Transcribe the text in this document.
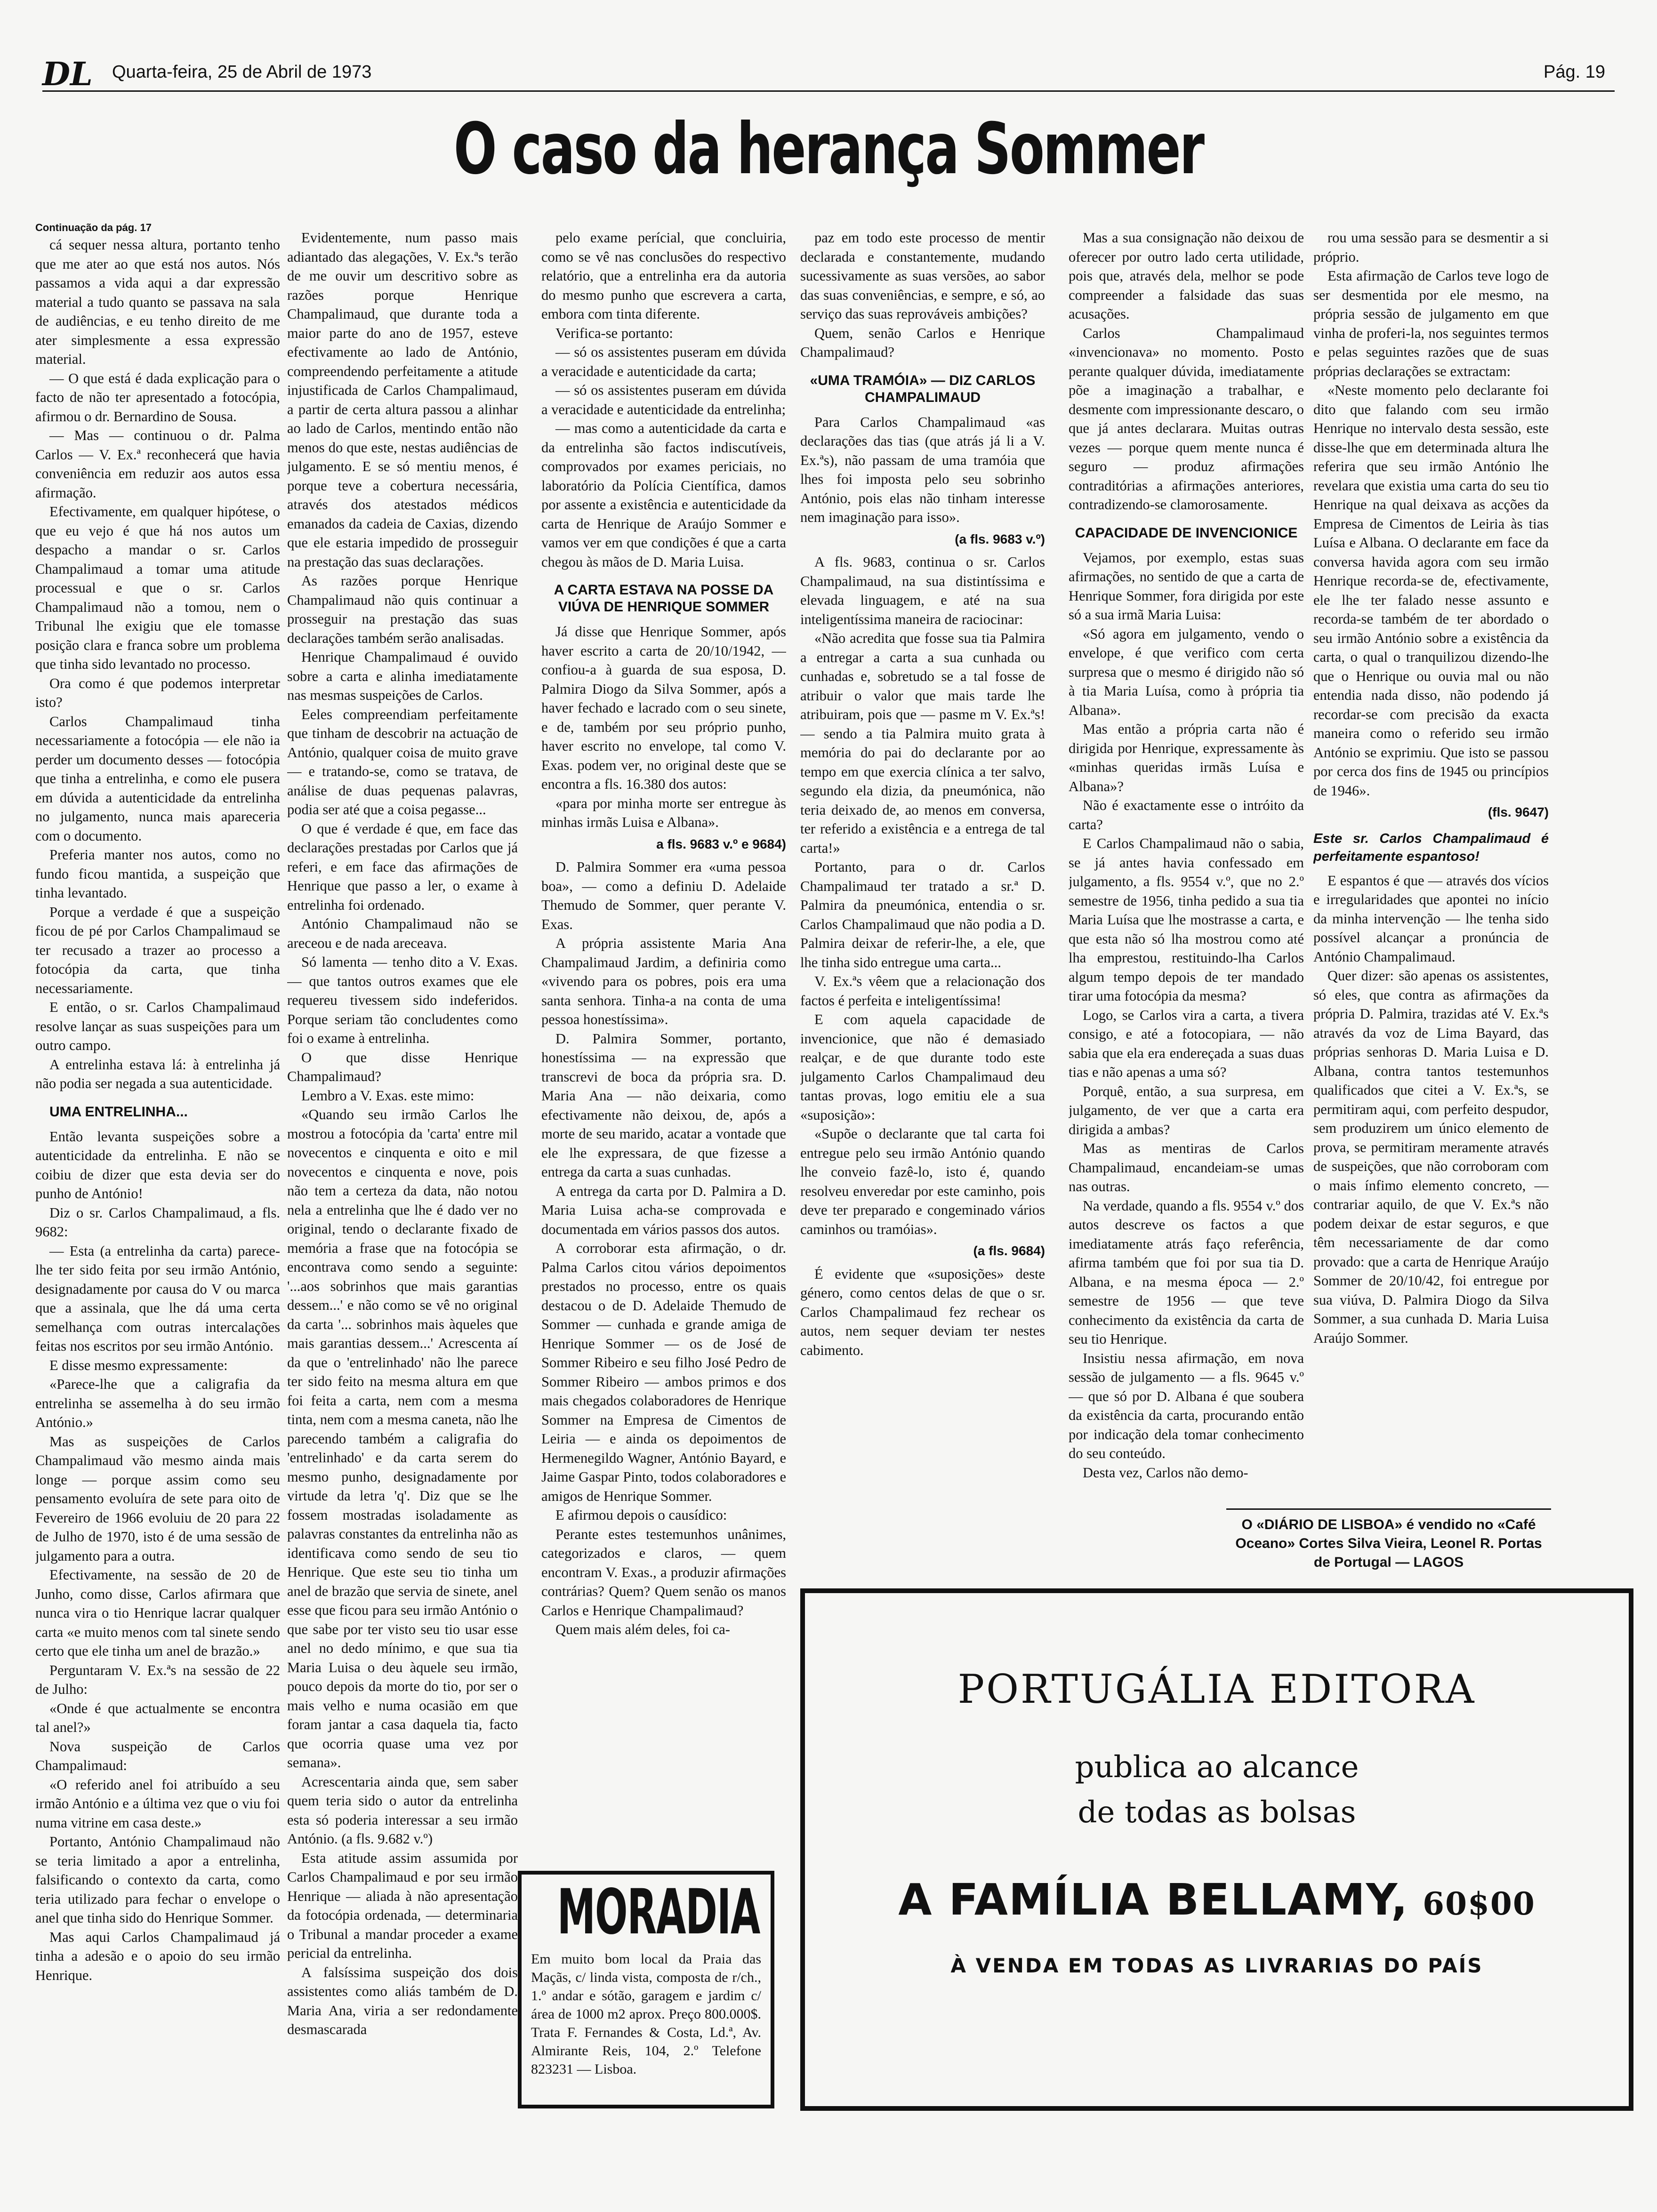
DL Quarta-feira, 25 de Abril de 1973	Pág. 19
O caso da herança Sommer
Continuação da pág. 17

cá sequer nessa altura, portanto tenho que me ater ao que está nos autos. Nós passamos a vida aqui a dar expressão material a tudo quanto se passava na sala de audiências, e eu tenho direito de me ater simplesmente a essa expressão material.

— O que está é dada explicação para o facto de não ter apresentado a fotocópia, afirmou o dr. Bernardino de Sousa.

— Mas — continuou o dr. Palma Carlos — V. Ex.ª reconhecerá que havia conveniência em reduzir aos autos essa afirmação.

Efectivamente, em qualquer hipótese, o que eu vejo é que há nos autos um despacho a mandar o sr. Carlos Champalimaud a tomar uma atitude processual e que o sr. Carlos Champalimaud não a tomou, nem o Tribunal lhe exigiu que ele tomasse posição clara e franca sobre um problema que tinha sido levantado no processo.

Ora como é que podemos interpretar isto?

Carlos Champalimaud tinha necessariamente a fotocópia — ele não ia perder um documento desses — fotocópia que tinha a entrelinha, e como ele pusera em dúvida a autenticidade da entrelinha no julgamento, nunca mais apareceria com o documento.

Preferia manter nos autos, como no fundo ficou mantida, a suspeição que tinha levantado.

Porque a verdade é que a suspeição ficou de pé por Carlos Champalimaud se ter recusado a trazer ao processo a fotocópia da carta, que tinha necessariamente.

E então, o sr. Carlos Champalimaud resolve lançar as suas suspeições para um outro campo.

A entrelinha estava lá: à entrelinha já não podia ser negada a sua autenticidade.

UMA ENTRELINHA...

Então levanta suspeições sobre a autenticidade da entrelinha. E não se coibiu de dizer que esta devia ser do punho de António!

Diz o sr. Carlos Champalimaud, a fls. 9682:

— Esta (a entrelinha da carta) parece-lhe ter sido feita por seu irmão António, designadamente por causa do V ou marca que a assinala, que lhe dá uma certa semelhança com outras intercalações feitas nos escritos por seu irmão António.

E disse mesmo expressamente:

«Parece-lhe que a caligrafia da entrelinha se assemelha à do seu irmão António.»

Mas as suspeições de Carlos Champalimaud vão mesmo ainda mais longe — porque assim como seu pensamento evoluíra de sete para oito de Fevereiro de 1966 evoluiu de 20 para 22 de Julho de 1970, isto é de uma sessão de julgamento para a outra.

Efectivamente, na sessão de 20 de Junho, como disse, Carlos afirmara que nunca vira o tio Henrique lacrar qualquer carta «e muito menos com tal sinete sendo certo que ele tinha um anel de brazão.»

Perguntaram V. Ex.ªs na sessão de 22 de Julho:

«Onde é que actualmente se encontra tal anel?»

Nova suspeição de Carlos Champalimaud:

«O referido anel foi atribuído a seu irmão António e a última vez que o viu foi numa vitrine em casa deste.»

Portanto, António Champalimaud não se teria limitado a apor a entrelinha, falsificando o contexto da carta, como teria utilizado para fechar o envelope o anel que tinha sido do Henrique Sommer.

Mas aqui Carlos Champalimaud já tinha a adesão e o apoio do seu irmão Henrique.

Evidentemente, num passo mais adiantado das alegações, V. Ex.ªs terão de me ouvir um descritivo sobre as razões porque Henrique Champalimaud, que durante toda a maior parte do ano de 1957, esteve efectivamente ao lado de António, compreendendo perfeitamente a atitude injustificada de Carlos Champalimaud, a partir de certa altura passou a alinhar ao lado de Carlos, mentindo então não menos do que este, nestas audiências de julgamento. E se só mentiu menos, é porque teve a cobertura necessária, através dos atestados médicos emanados da cadeia de Caxias, dizendo que ele estaria impedido de prosseguir na prestação das suas declarações.

As razões porque Henrique Champalimaud não quis continuar a prosseguir na prestação das suas declarações também serão analisadas.

Henrique Champalimaud é ouvido sobre a carta e alinha imediatamente nas mesmas suspeições de Carlos.

Eeles compreendiam perfeitamente que tinham de descobrir na actuação de António, qualquer coisa de muito grave — e tratando-se, como se tratava, de análise de duas pequenas palavras, podia ser até que a coisa pegasse...

O que é verdade é que, em face das declarações prestadas por Carlos que já referi, e em face das afirmações de Henrique que passo a ler, o exame à entrelinha foi ordenado.

António Champalimaud não se areceou e de nada areceava.

Só lamenta — tenho dito a V. Exas. — que tantos outros exames que ele requereu tivessem sido indeferidos. Porque seriam tão concludentes como foi o exame à entrelinha.

O que disse Henrique Champalimaud?

Lembro a V. Exas. este mimo:

«Quando seu irmão Carlos lhe mostrou a fotocópia da 'carta' entre mil novecentos e cinquenta e oito e mil novecentos e cinquenta e nove, pois não tem a certeza da data, não notou nela a entrelinha que lhe é dado ver no original, tendo o declarante fixado de memória a frase que na fotocópia se encontrava como sendo a seguinte: '...aos sobrinhos que mais garantias dessem...' e não como se vê no original da carta '... sobrinhos mais àqueles que mais garantias dessem...' Acrescenta aí da que o 'entrelinhado' não lhe parece ter sido feito na mesma altura em que foi feita a carta, nem com a mesma tinta, nem com a mesma caneta, não lhe parecendo também a caligrafia do 'entrelinhado' e da carta serem do mesmo punho, designadamente por virtude da letra 'q'. Diz que se lhe fossem mostradas isoladamente as palavras constantes da entrelinha não as identificava como sendo de seu tio Henrique. Que este seu tio tinha um anel de brazão que servia de sinete, anel esse que ficou para seu irmão António o que sabe por ter visto seu tio usar esse anel no dedo mínimo, e que sua tia Maria Luisa o deu àquele seu irmão, pouco depois da morte do tio, por ser o mais velho e numa ocasião em que foram jantar a casa daquela tia, facto que ocorria quase uma vez por semana».

Acrescentaria ainda que, sem saber quem teria sido o autor da entrelinha esta só poderia interessar a seu irmão António. (a fls. 9.682 v.º)

Esta atitude assim assumida por Carlos Champalimaud e por seu irmão Henrique — aliada à não apresentação da fotocópia ordenada, — determinaria o Tribunal a mandar proceder a exame pericial da entrelinha.

A falsíssima suspeição dos dois assistentes como aliás também de D. Maria Ana, viria a ser redondamente desmascarada

pelo exame perícial, que concluiria, como se vê nas conclusões do respectivo relatório, que a entrelinha era da autoria do mesmo punho que escrevera a carta, embora com tinta diferente.

Verifica-se portanto:

— só os assistentes puseram em dúvida a veracidade e autenticidade da carta;

— só os assistentes puseram em dúvida a veracidade e autenticidade da entrelinha;

— mas como a autenticidade da carta e da entrelinha são factos indiscutíveis, comprovados por exames periciais, no laboratório da Polícia Científica, damos por assente a existência e autenticidade da carta de Henrique de Araújo Sommer e vamos ver em que condições é que a carta chegou às mãos de D. Maria Luisa.

A CARTA ESTAVA NA POSSE DA VIÚVA DE HENRIQUE SOMMER

Já disse que Henrique Sommer, após haver escrito a carta de 20/10/1942, — confiou-a à guarda de sua esposa, D. Palmira Diogo da Silva Sommer, após a haver fechado e lacrado com o seu sinete, e de, também por seu próprio punho, haver escrito no envelope, tal como V. Exas. podem ver, no original deste que se encontra a fls. 16.380 dos autos:

«para por minha morte ser entregue às minhas irmãs Luisa e Albana».

a fls. 9683 v.º e 9684)

D. Palmira Sommer era «uma pessoa boa», — como a definiu D. Adelaide Themudo de Sommer, quer perante V. Exas.

A própria assistente Maria Ana Champalimaud Jardim, a definiria como «vivendo para os pobres, pois era uma santa senhora. Tinha-a na conta de uma pessoa honestíssima».

D. Palmira Sommer, portanto, honestíssima — na expressão que transcrevi de boca da própria sra. D. Maria Ana — não deixaria, como efectivamente não deixou, de, após a morte de seu marido, acatar a vontade que ele lhe expressara, de que fizesse a entrega da carta a suas cunhadas.

A entrega da carta por D. Palmira a D. Maria Luisa acha-se comprovada e documentada em vários passos dos autos.

A corroborar esta afirmação, o dr. Palma Carlos citou vários depoimentos prestados no processo, entre os quais destacou o de D. Adelaide Themudo de Sommer — cunhada e grande amiga de Henrique Sommer — os de José de Sommer Ribeiro e seu filho José Pedro de Sommer Ribeiro — ambos primos e dos mais chegados colaboradores de Henrique Sommer na Empresa de Cimentos de Leiria — e ainda os depoimentos de Hermenegildo Wagner, António Bayard, e Jaime Gaspar Pinto, todos colaboradores e amigos de Henrique Sommer.

E afirmou depois o causídico:

Perante estes testemunhos unânimes, categorizados e claros, — quem encontram V. Exas., a produzir afirmações contrárias? Quem? Quem senão os manos Carlos e Henrique Champalimaud?

Quem mais além deles, foi ca-

paz em todo este processo de mentir declarada e constantemente, mudando sucessivamente as suas versões, ao sabor das suas conveniências, e sempre, e só, ao serviço das suas reprováveis ambições?

Quem, senão Carlos e Henrique Champalimaud?

«UMA TRAMÓIA» — DIZ CARLOS CHAMPALIMAUD

Para Carlos Champalimaud «as declarações das tias (que atrás já li a V. Ex.ªs), não passam de uma tramóia que lhes foi imposta pelo seu sobrinho António, pois elas não tinham interesse nem imaginação para isso».

(a fls. 9683 v.º)

A fls. 9683, continua o sr. Carlos Champalimaud, na sua distintíssima e elevada linguagem, e até na sua inteligentíssima maneira de raciocinar:

«Não acredita que fosse sua tia Palmira a entregar a carta a sua cunhada ou cunhadas e, sobretudo se a tal fosse de atribuir o valor que mais tarde lhe atribuiram, pois que — pasme m V. Ex.ªs! — sendo a tia Palmira muito grata à memória do pai do declarante por ao tempo em que exercia clínica a ter salvo, segundo ela dizia, da pneumónica, não teria deixado de, ao menos em conversa, ter referido a existência e a entrega de tal carta!»

Portanto, para o dr. Carlos Champalimaud ter tratado a sr.ª D. Palmira da pneumónica, entendia o sr. Carlos Champalimaud que não podia a D. Palmira deixar de referir-lhe, a ele, que lhe tinha sido entregue uma carta...

V. Ex.ªs vêem que a relacionação dos factos é perfeita e inteligentíssima!

E com aquela capacidade de invencionice, que não é demasiado realçar, e de que durante todo este julgamento Carlos Champalimaud deu tantas provas, logo emitiu ele a sua «suposição»:

«Supõe o declarante que tal carta foi entregue pelo seu irmão António quando lhe conveio fazê-lo, isto é, quando resolveu enveredar por este caminho, pois deve ter preparado e congeminado vários caminhos ou tramóias».

(a fls. 9684)

É evidente que «suposições» deste género, como centos delas de que o sr. Carlos Champalimaud fez rechear os autos, nem sequer deviam ter nestes cabimento.

Mas a sua consignação não deixou de oferecer por outro lado certa utilidade, pois que, através dela, melhor se pode compreender a falsidade das suas acusações.

Carlos Champalimaud «invencionava» no momento. Posto perante qualquer dúvida, imediatamente põe a imaginação a trabalhar, e desmente com impressionante descaro, o que já antes declarara. Muitas outras vezes — porque quem mente nunca é seguro — produz afirmações contraditórias a afirmações anteriores, contradizendo-se clamorosamente.

CAPACIDADE DE INVENCIONICE

Vejamos, por exemplo, estas suas afirmações, no sentido de que a carta de Henrique Sommer, fora dirigida por este só a sua irmã Maria Luisa:

«Só agora em julgamento, vendo o envelope, é que verifico com certa surpresa que o mesmo é dirigido não só à tia Maria Luísa, como à própria tia Albana».

Mas então a própria carta não é dirigida por Henrique, expressamente às «minhas queridas irmãs Luísa e Albana»?

Não é exactamente esse o intróito da carta?

E Carlos Champalimaud não o sabia, se já antes havia confessado em julgamento, a fls. 9554 v.º, que no 2.º semestre de 1956, tinha pedido a sua tia Maria Luísa que lhe mostrasse a carta, e que esta não só lha mostrou como até lha emprestou, restituindo-lha Carlos algum tempo depois de ter mandado tirar uma fotocópia da mesma?

Logo, se Carlos vira a carta, a tivera consigo, e até a fotocopiara, — não sabia que ela era endereçada a suas duas tias e não apenas a uma só?

Porquê, então, a sua surpresa, em julgamento, de ver que a carta era dirigida a ambas?

Mas as mentiras de Carlos Champalimaud, encandeiam-se umas nas outras.

Na verdade, quando a fls. 9554 v.º dos autos descreve os factos a que imediatamente atrás faço referência, afirma também que foi por sua tia D. Albana, e na mesma época — 2.º semestre de 1956 — que teve conhecimento da existência da carta de seu tio Henrique.

Insistiu nessa afirmação, em nova sessão de julgamento — a fls. 9645 v.º — que só por D. Albana é que soubera da existência da carta, procurando então por indicação dela tomar conhecimento do seu conteúdo.

Desta vez, Carlos não demo-

rou uma sessão para se desmentir a si próprio.

Esta afirmação de Carlos teve logo de ser desmentida por ele mesmo, na própria sessão de julgamento em que vinha de proferi-la, nos seguintes termos e pelas seguintes razões que de suas próprias declarações se extractam:

«Neste momento pelo declarante foi dito que falando com seu irmão Henrique no intervalo desta sessão, este disse-lhe que em determinada altura lhe referira que seu irmão António lhe revelara que existia uma carta do seu tio Henrique na qual deixava as acções da Empresa de Cimentos de Leiria às tias Luísa e Albana. O declarante em face da conversa havida agora com seu irmão Henrique recorda-se de, efectivamente, ele lhe ter falado nesse assunto e recorda-se também de ter abordado o seu irmão António sobre a existência da carta, o qual o tranquilizou dizendo-lhe que o Henrique ou ouvia mal ou não entendia nada disso, não podendo já recordar-se com precisão da exacta maneira como o referido seu irmão António se exprimiu. Que isto se passou por cerca dos fins de 1945 ou princípios de 1946».

(fls. 9647)

Este sr. Carlos Champalimaud é perfeitamente espantoso!

E espantos é que — através dos vícios e irregularidades que apontei no início da minha intervenção — lhe tenha sido possível alcançar a pronúncia de António Champalimaud.

Quer dizer: são apenas os assistentes, só eles, que contra as afirmações da própria D. Palmira, trazidas até V. Ex.ªs através da voz de Lima Bayard, das próprias senhoras D. Maria Luisa e D. Albana, contra tantos testemunhos qualificados que citei a V. Ex.ªs, se permitiram aqui, com perfeito despudor, sem produzirem um único elemento de prova, se permitiram meramente através de suspeições, que não corroboram com o mais ínfimo elemento concreto, — contrariar aquilo, de que V. Ex.ªs não podem deixar de estar seguros, e que têm necessariamente de dar como provado: que a carta de Henrique Araújo Sommer de 20/10/42, foi entregue por sua viúva, D. Palmira Diogo da Silva Sommer, a sua cunhada D. Maria Luisa Araújo Sommer.

O «DIÁRIO DE LISBOA» é vendido no «Café Oceano» Cortes Silva Vieira, Leonel R. Portas de Portugal — LAGOS
MORADIA
Em muito bom local da Praia das Maçãs, c/ linda vista, composta de r/ch., 1.º andar e sótão, garagem e jardim c/ área de 1000 m2 aprox. Preço 800.000$. Trata F. Fernandes & Costa, Ld.ª, Av. Almirante Reis, 104, 2.º Telefone 823231 — Lisboa.
PORTUGÁLIA EDITORA
publica ao alcance
de todas as bolsas
A FAMÍLIA BELLAMY, 60$00
À VENDA EM TODAS AS LIVRARIAS DO PAÍS
